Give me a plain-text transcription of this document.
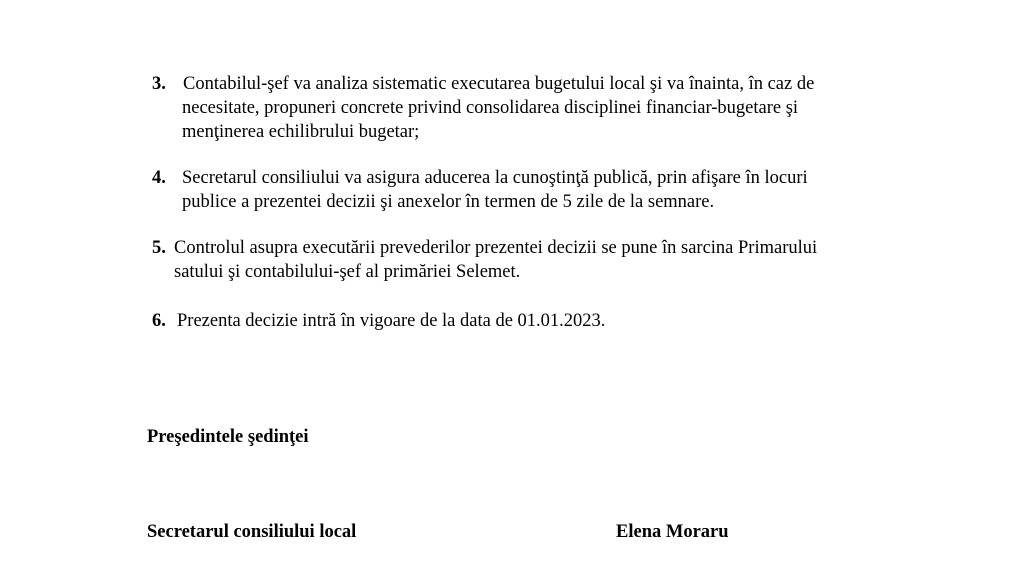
3. Contabilul-şef va analiza sistematic executarea bugetului local şi va înainta, în caz de
necesitate, propuneri concrete privind consolidarea disciplinei financiar-bugetare şi
menţinerea echilibrului bugetar;
4. Secretarul consiliului va asigura aducerea la cunoştinţă publică, prin afişare în locuri
publice a prezentei decizii şi anexelor în termen de 5 zile de la semnare.
5. Controlul asupra executării prevederilor prezentei decizii se pune în sarcina Primarului
satului şi contabilului-şef al primăriei Selemet.
6. Prezenta decizie intră în vigoare de la data de 01.01.2023.
Preşedintele şedinţei
Secretarul consiliului local	Elena Moraru
